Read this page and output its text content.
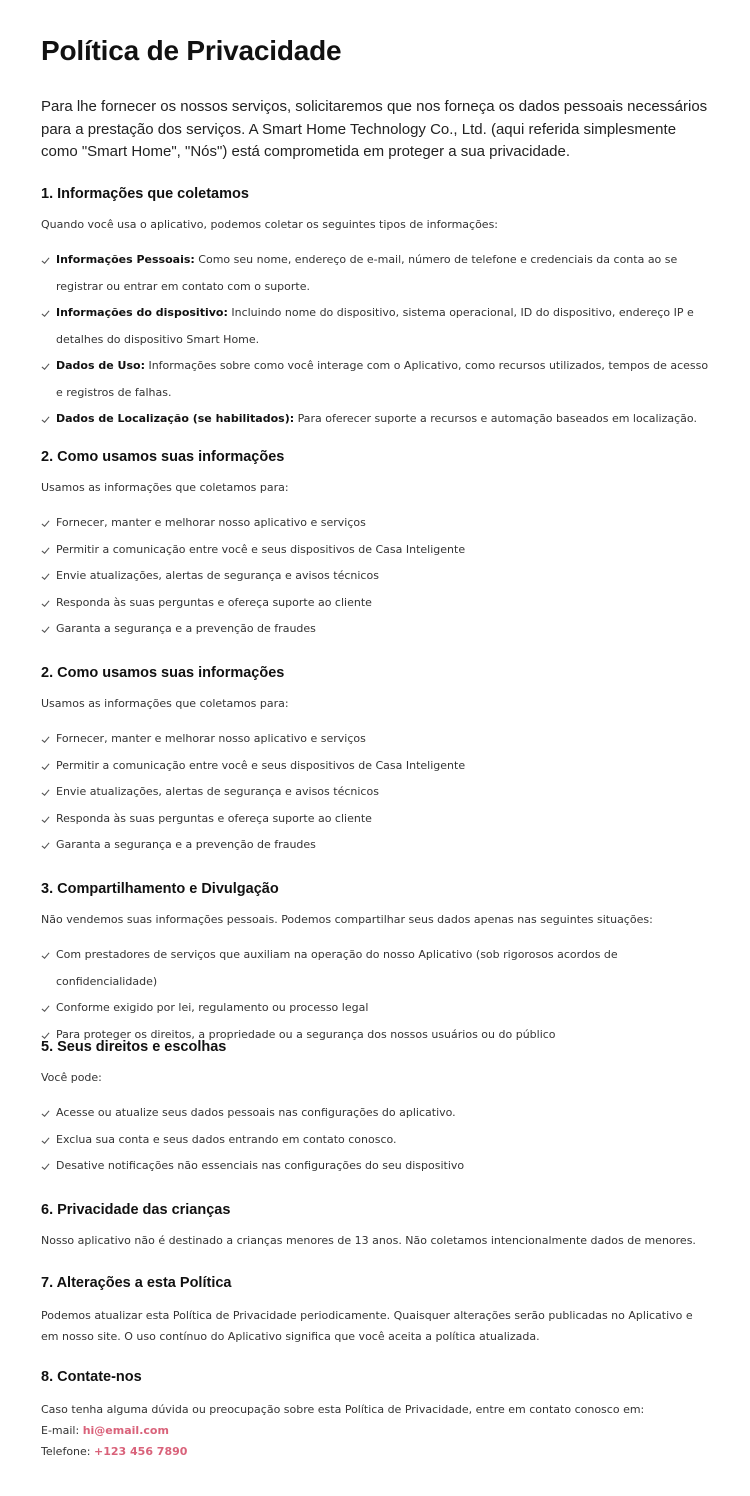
Política de Privacidade

Para lhe fornecer os nossos serviços, solicitaremos que nos forneça os dados pessoais necessários para a prestação dos serviços. A Smart Home Technology Co., Ltd. (aqui referida simplesmente como "Smart Home", "Nós") está comprometida em proteger a sua privacidade.

1. Informações que coletamos

Quando você usa o aplicativo, podemos coletar os seguintes tipos de informações:

Informações Pessoais: Como seu nome, endereço de e-mail, número de telefone e credenciais da conta ao se registrar ou entrar em contato com o suporte.
Informações do dispositivo: Incluindo nome do dispositivo, sistema operacional, ID do dispositivo, endereço IP e detalhes do dispositivo Smart Home.
Dados de Uso: Informações sobre como você interage com o Aplicativo, como recursos utilizados, tempos de acesso e registros de falhas.
Dados de Localização (se habilitados): Para oferecer suporte a recursos e automação baseados em localização.
2. Como usamos suas informações

Usamos as informações que coletamos para:

Fornecer, manter e melhorar nosso aplicativo e serviços
Permitir a comunicação entre você e seus dispositivos de Casa Inteligente
Envie atualizações, alertas de segurança e avisos técnicos
Responda às suas perguntas e ofereça suporte ao cliente
Garanta a segurança e a prevenção de fraudes
2. Como usamos suas informações

Usamos as informações que coletamos para:

Fornecer, manter e melhorar nosso aplicativo e serviços
Permitir a comunicação entre você e seus dispositivos de Casa Inteligente
Envie atualizações, alertas de segurança e avisos técnicos
Responda às suas perguntas e ofereça suporte ao cliente
Garanta a segurança e a prevenção de fraudes
3. Compartilhamento e Divulgação

Não vendemos suas informações pessoais. Podemos compartilhar seus dados apenas nas seguintes situações:

Com prestadores de serviços que auxiliam na operação do nosso Aplicativo (sob rigorosos acordos de confidencialidade)
Conforme exigido por lei, regulamento ou processo legal
Para proteger os direitos, a propriedade ou a segurança dos nossos usuários ou do público
5. Seus direitos e escolhas

Você pode:

Acesse ou atualize seus dados pessoais nas configurações do aplicativo.
Exclua sua conta e seus dados entrando em contato conosco.
Desative notificações não essenciais nas configurações do seu dispositivo
6. Privacidade das crianças

Nosso aplicativo não é destinado a crianças menores de 13 anos. Não coletamos intencionalmente dados de menores.

7. Alterações a esta Política

Podemos atualizar esta Política de Privacidade periodicamente. Quaisquer alterações serão publicadas no Aplicativo e em nosso site. O uso contínuo do Aplicativo significa que você aceita a política atualizada.

8. Contate-nos

Caso tenha alguma dúvida ou preocupação sobre esta Política de Privacidade, entre em contato conosco em:

E-mail: hi@email.com
Telefone: +123 456 7890
